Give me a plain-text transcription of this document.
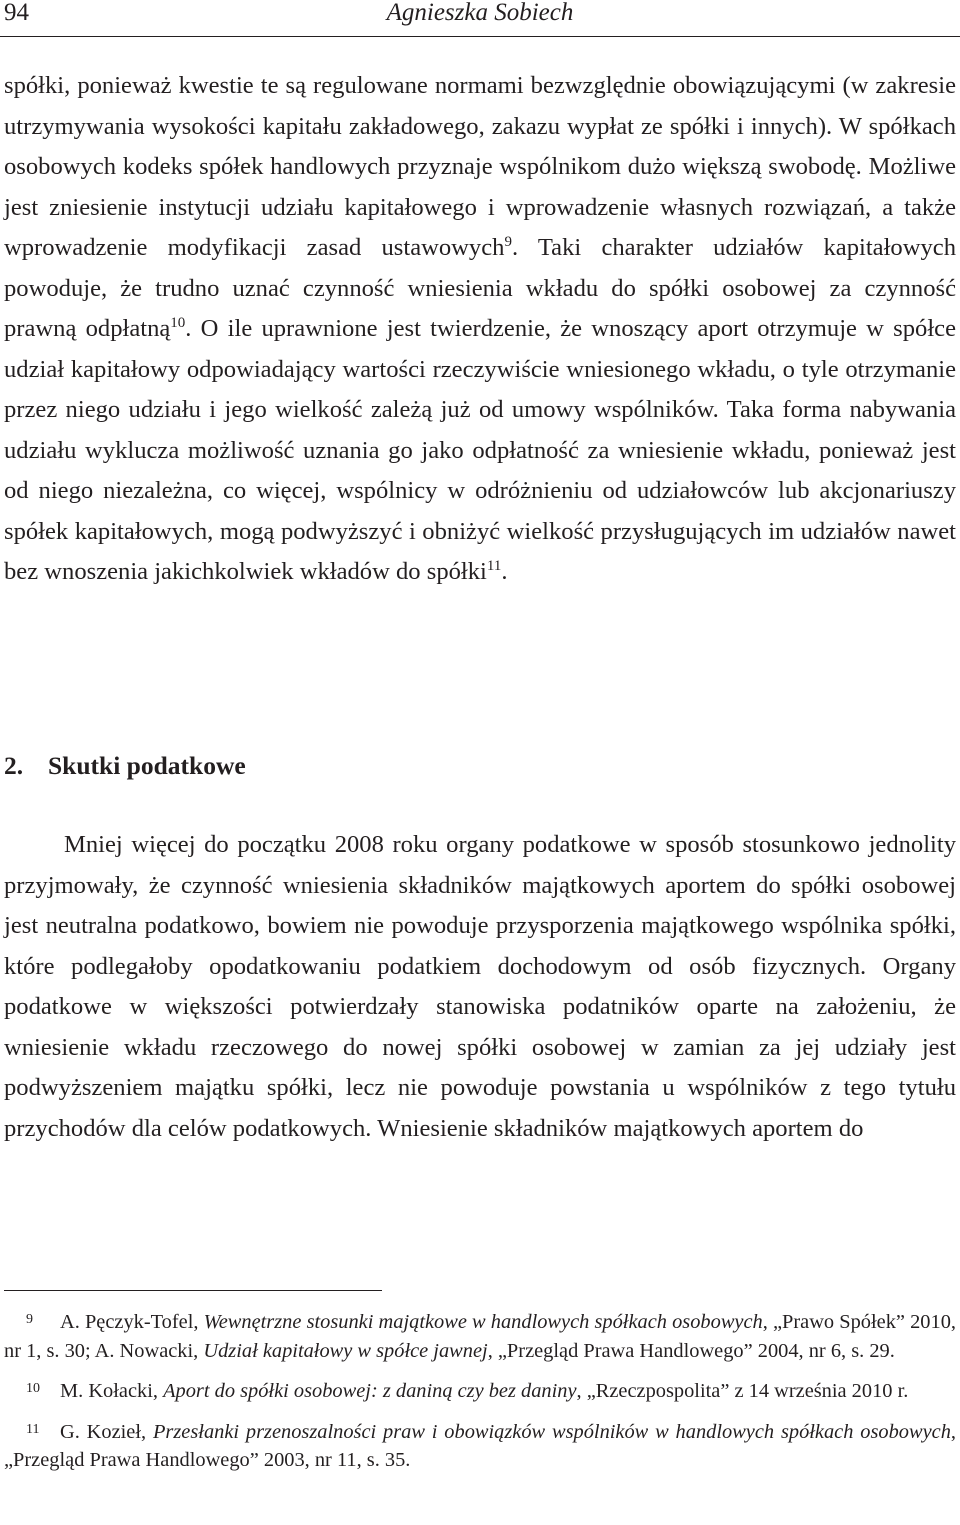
94	Agnieszka Sobiech

spółki, ponieważ kwestie te są regulowane normami bezwzględnie obowiązującymi (w zakresie utrzymywania wysokości kapitału zakładowego, zakazu wypłat ze spółki i innych). W spółkach osobowych kodeks spółek handlowych przyznaje wspólnikom dużo większą swobodę. Możliwe jest zniesienie instytucji udziału kapitałowego i wprowadzenie własnych rozwiązań, a także wprowadzenie modyfikacji zasad ustawowych$^9$. Taki charakter udziałów kapitałowych powoduje, że trudno uznać czynność wniesienia wkładu do spółki osobowej za czynność prawną odpłatną$^{10}$. O ile uprawnione jest twierdzenie, że wnoszący aport otrzymuje w spółce udział kapitałowy odpowiadający wartości rzeczywiście wniesionego wkładu, o tyle otrzymanie przez niego udziału i jego wielkość zależą już od umowy wspólników. Taka forma nabywania udziału wyklucza możliwość uznania go jako odpłatność za wniesienie wkładu, ponieważ jest od niego niezależna, co więcej, wspólnicy w odróżnieniu od udziałowców lub akcjonariuszy spółek kapitałowych, mogą podwyższyć i obniżyć wielkość przysługujących im udziałów nawet bez wnoszenia jakichkolwiek wkładów do spółki$^{11}$.

2. Skutki podatkowe

Mniej więcej do początku 2008 roku organy podatkowe w sposób stosunkowo jednolity przyjmowały, że czynność wniesienia składników majątkowych aportem do spółki osobowej jest neutralna podatkowo, bowiem nie powoduje przysporzenia majątkowego wspólnika spółki, które podlegałoby opodatkowaniu podatkiem dochodowym od osób fizycznych. Organy podatkowe w większości potwierdzały stanowiska podatników oparte na założeniu, że wniesienie wkładu rzeczowego do nowej spółki osobowej w zamian za jej udziały jest podwyższeniem majątku spółki, lecz nie powoduje powstania u wspólników z tego tytułu przychodów dla celów podatkowych. Wniesienie składników majątkowych aportem do

9 A. Pęczyk-Tofel, Wewnętrzne stosunki majątkowe w handlowych spółkach osobowych, „Prawo Spółek” 2010, nr 1, s. 30; A. Nowacki, Udział kapitałowy w spółce jawnej, „Przegląd Prawa Handlowego” 2004, nr 6, s. 29.

10 M. Kołacki, Aport do spółki osobowej: z daniną czy bez daniny, „Rzeczpospolita” z 14 września 2010 r.

11 G. Kozieł, Przesłanki przenoszalności praw i obowiązków wspólników w handlowych spółkach osobowych, „Przegląd Prawa Handlowego” 2003, nr 11, s. 35.
